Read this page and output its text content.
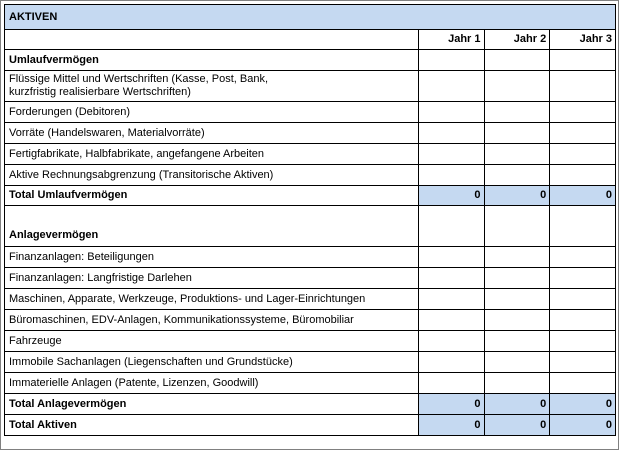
AKTIVEN			
	Jahr 1	Jahr 2	Jahr 3
Umlaufvermögen			

Flüssige Mittel und Wertschriften (Kasse, Post, Bank,
kurzfristig realisierbare Wertschriften)			

Forderungen (Debitoren)			
Vorräte (Handelswaren, Materialvorräte)			
Fertigfabrikate, Halbfabrikate, angefangene Arbeiten			
Aktive Rechnungsabgrenzung (Transitorische Aktiven)			
Total Umlaufvermögen	0	0	0

Anlagevermögen			
Finanzanlagen: Beteiligungen			
Finanzanlagen: Langfristige Darlehen			
Maschinen, Apparate, Werkzeuge, Produktions- und Lager-Einrichtungen			
Büromaschinen, EDV-Anlagen, Kommunikationssysteme, Büromobiliar			
Fahrzeuge			
Immobile Sachanlagen (Liegenschaften und Grundstücke)			
Immaterielle Anlagen (Patente, Lizenzen, Goodwill)			
Total Anlagevermögen	0	0	0
Total Aktiven	0	0	0
